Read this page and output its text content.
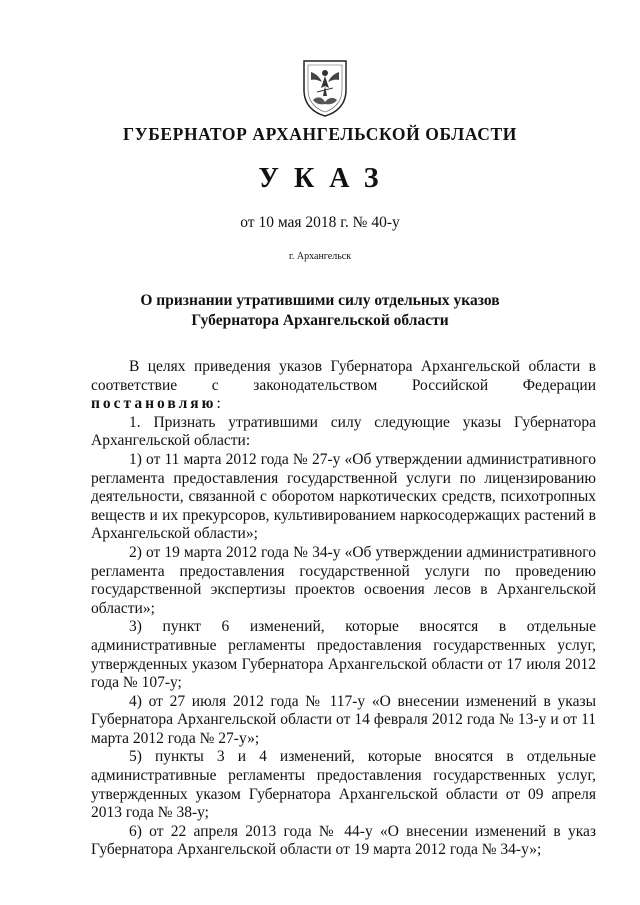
ГУБЕРНАТОР АРХАНГЕЛЬСКОЙ ОБЛАСТИ
УКАЗ
от 10 мая 2018 г. № 40-у
г. Архангельск
О признании утратившими силу отдельных указов
Губернатора Архангельской области

В целях приведения указов Губернатора Архангельской области в соответствие с законодательством Российской Федерации постановляю:

1. Признать утратившими силу следующие указы Губернатора Архангельской области:

1) от 11 марта 2012 года № 27-у «Об утверждении административного регламента предоставления государственной услуги по лицензированию деятельности, связанной с оборотом наркотических средств, психотропных веществ и их прекурсоров, культивированием наркосодержащих растений в Архангельской области»;

2) от 19 марта 2012 года № 34-у «Об утверждении административного регламента предоставления государственной услуги по проведению государственной экспертизы проектов освоения лесов в Архангельской области»;

3) пункт 6 изменений, которые вносятся в отдельные административные регламенты предоставления государственных услуг, утвержденных указом Губернатора Архангельской области от 17 июля 2012 года № 107-у;

4) от 27 июля 2012 года № 117-у «О внесении изменений в указы Губернатора Архангельской области от 14 февраля 2012 года № 13-у и от 11 марта 2012 года № 27-у»;

5) пункты 3 и 4 изменений, которые вносятся в отдельные административные регламенты предоставления государственных услуг, утвержденных указом Губернатора Архангельской области от 09 апреля 2013 года № 38-у;

6) от 22 апреля 2013 года № 44-у «О внесении изменений в указ Губернатора Архангельской области от 19 марта 2012 года № 34-у»;
